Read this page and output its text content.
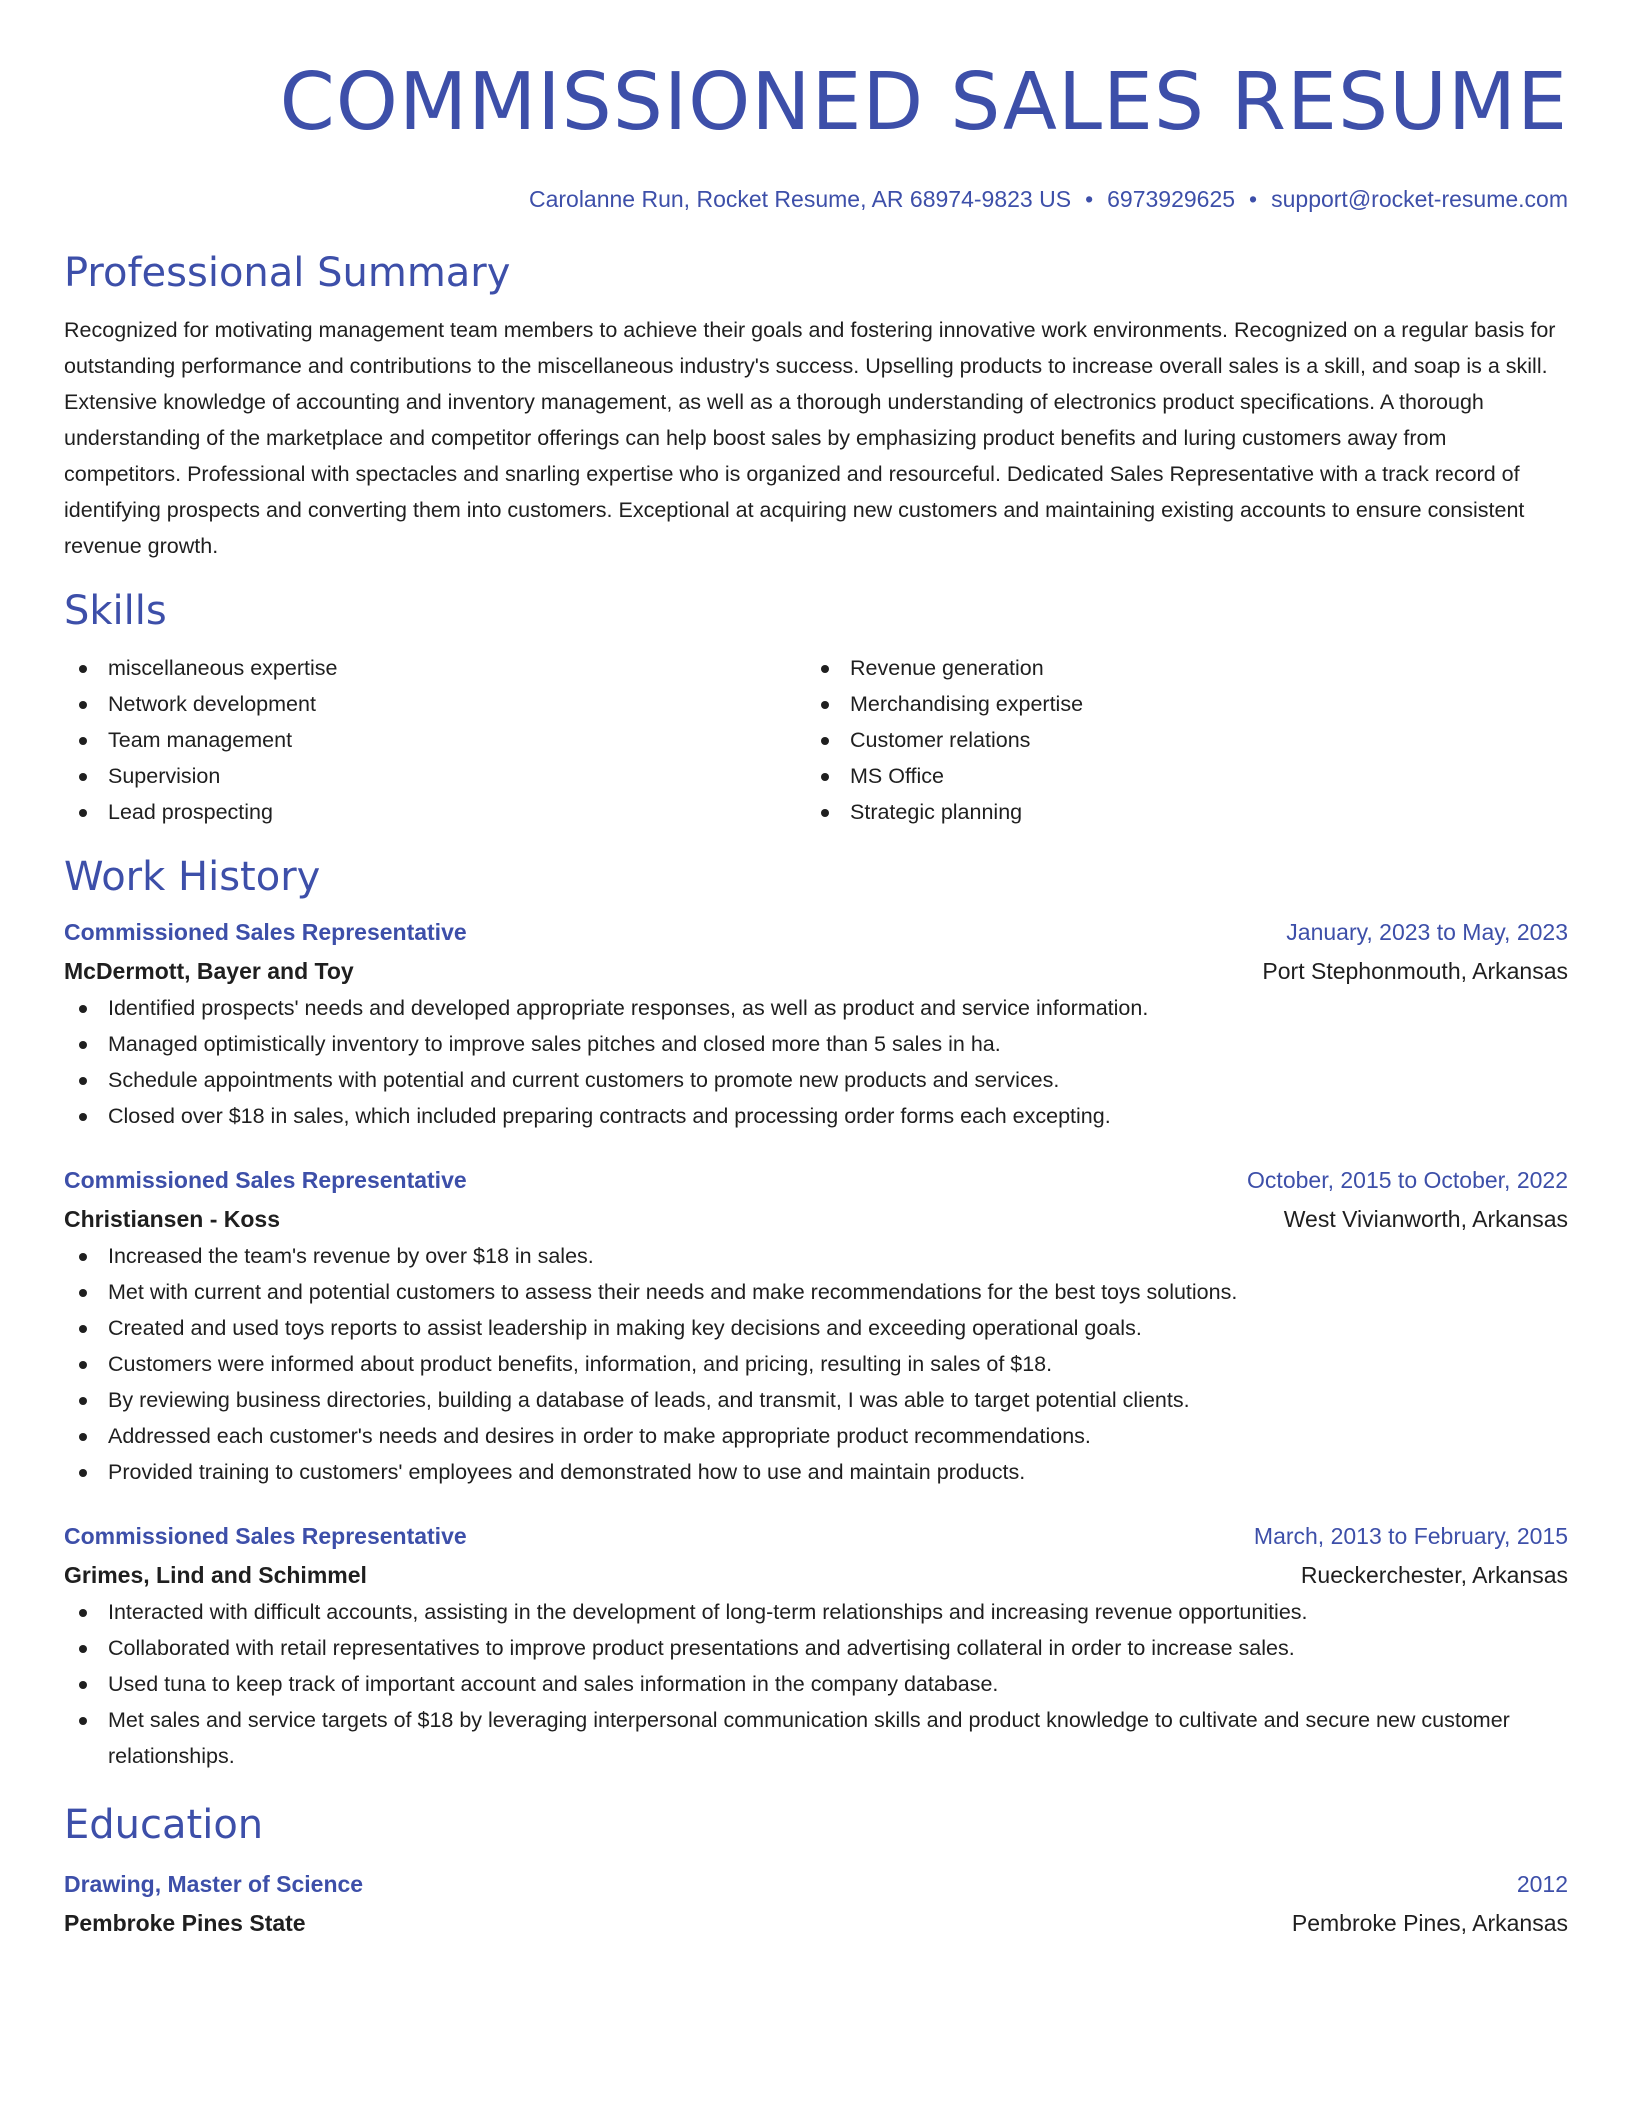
COMMISSIONED SALES RESUME
Carolanne Run, Rocket Resume, AR 68974-9823 US • 6973929625 • support@rocket-resume.com
Professional Summary

Recognized for motivating management team members to achieve their goals and fostering innovative work environments. Recognized on a regular basis for outstanding performance and contributions to the miscellaneous industry's success. Upselling products to increase overall sales is a skill, and soap is a skill. Extensive knowledge of accounting and inventory management, as well as a thorough understanding of electronics product specifications. A thorough understanding of the marketplace and competitor offerings can help boost sales by emphasizing product benefits and luring customers away from competitors. Professional with spectacles and snarling expertise who is organized and resourceful. Dedicated Sales Representative with a track record of identifying prospects and converting them into customers. Exceptional at acquiring new customers and maintaining existing accounts to ensure consistent revenue growth.

Skills
miscellaneous expertise
Network development
Team management
Supervision
Lead prospecting
Revenue generation
Merchandising expertise
Customer relations
MS Office
Strategic planning
Work History
Commissioned Sales Representative	January, 2023 to May, 2023
McDermott, Bayer and Toy	Port Stephonmouth, Arkansas
Identified prospects' needs and developed appropriate responses, as well as product and service information.
Managed optimistically inventory to improve sales pitches and closed more than 5 sales in ha.
Schedule appointments with potential and current customers to promote new products and services.
Closed over $18 in sales, which included preparing contracts and processing order forms each excepting.
Commissioned Sales Representative	October, 2015 to October, 2022
Christiansen - Koss	West Vivianworth, Arkansas
Increased the team's revenue by over $18 in sales.
Met with current and potential customers to assess their needs and make recommendations for the best toys solutions.
Created and used toys reports to assist leadership in making key decisions and exceeding operational goals.
Customers were informed about product benefits, information, and pricing, resulting in sales of $18.
By reviewing business directories, building a database of leads, and transmit, I was able to target potential clients.
Addressed each customer's needs and desires in order to make appropriate product recommendations.
Provided training to customers' employees and demonstrated how to use and maintain products.
Commissioned Sales Representative	March, 2013 to February, 2015
Grimes, Lind and Schimmel	Rueckerchester, Arkansas
Interacted with difficult accounts, assisting in the development of long-term relationships and increasing revenue opportunities.
Collaborated with retail representatives to improve product presentations and advertising collateral in order to increase sales.
Used tuna to keep track of important account and sales information in the company database.
Met sales and service targets of $18 by leveraging interpersonal communication skills and product knowledge to cultivate and secure new customer relationships.
Education
Drawing, Master of Science	2012
Pembroke Pines State	Pembroke Pines, Arkansas
